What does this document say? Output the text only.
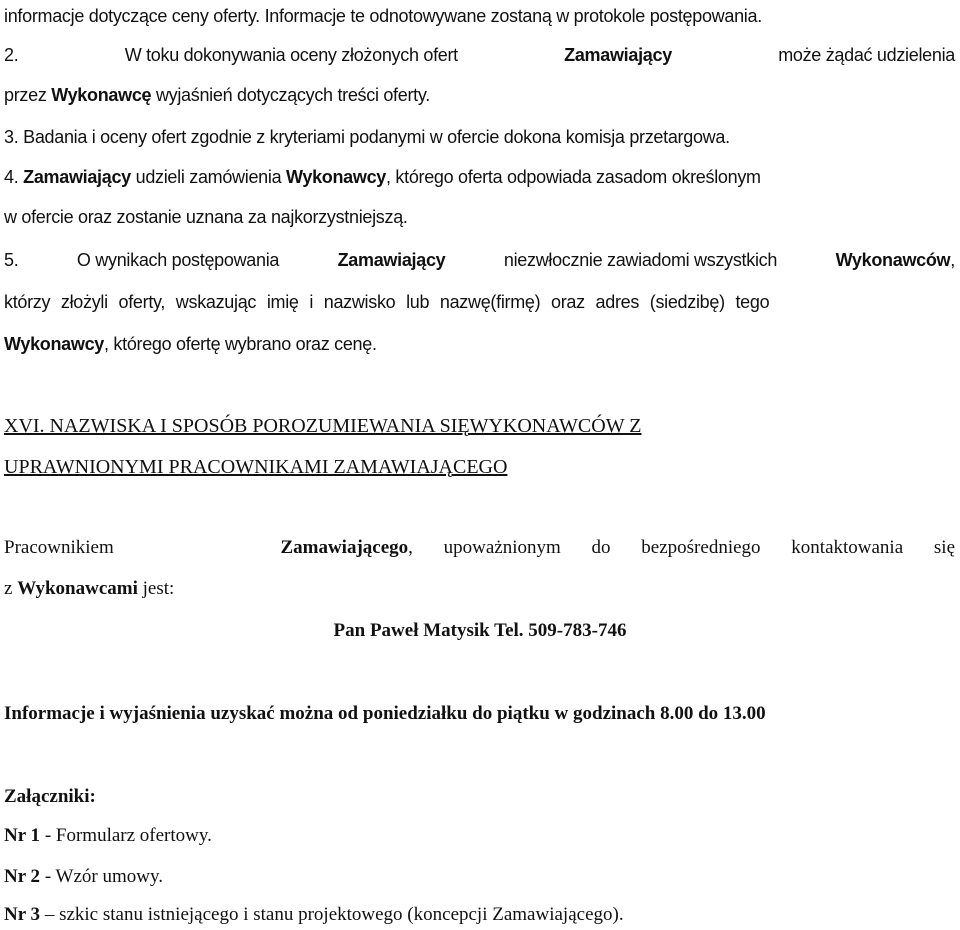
informacje dotyczące ceny oferty. Informacje te odnotowywane zostaną w protokole postępowania.
2.	W toku dokonywania oceny złożonych ofert	Zamawiający	może żądać udzielenia
przez Wykonawcę wyjaśnień dotyczących treści oferty.
3. Badania i oceny ofert zgodnie z kryteriami podanymi w ofercie dokona komisja przetargowa.
4. Zamawiający udzieli zamówienia Wykonawcy, którego oferta odpowiada zasadom określonym
w ofercie oraz zostanie uznana za najkorzystniejszą.
5.	O wynikach postępowania	Zamawiający	niezwłocznie zawiadomi wszystkich	Wykonawców,
którzy złożyli oferty, wskazując imię i nazwisko lub nazwę(firmę) oraz adres (siedzibę) tego
Wykonawcy, którego ofertę wybrano oraz cenę.
XVI. NAZWISKA I SPOSÓB POROZUMIEWANIA SIĘWYKONAWCÓW Z
UPRAWNIONYMI PRACOWNIKAMI ZAMAWIAJĄCEGO
Pracownikiem	Zamawiającego, upoważnionym do bezpośredniego kontaktowania się
z Wykonawcami jest:
Pan Paweł Matysik Tel. 509-783-746
Informacje i wyjaśnienia uzyskać można od poniedziałku do piątku w godzinach 8.00 do 13.00
Załączniki:
Nr 1 - Formularz ofertowy.
Nr 2 - Wzór umowy.
Nr 3 – szkic stanu istniejącego i stanu projektowego (koncepcji Zamawiającego).
